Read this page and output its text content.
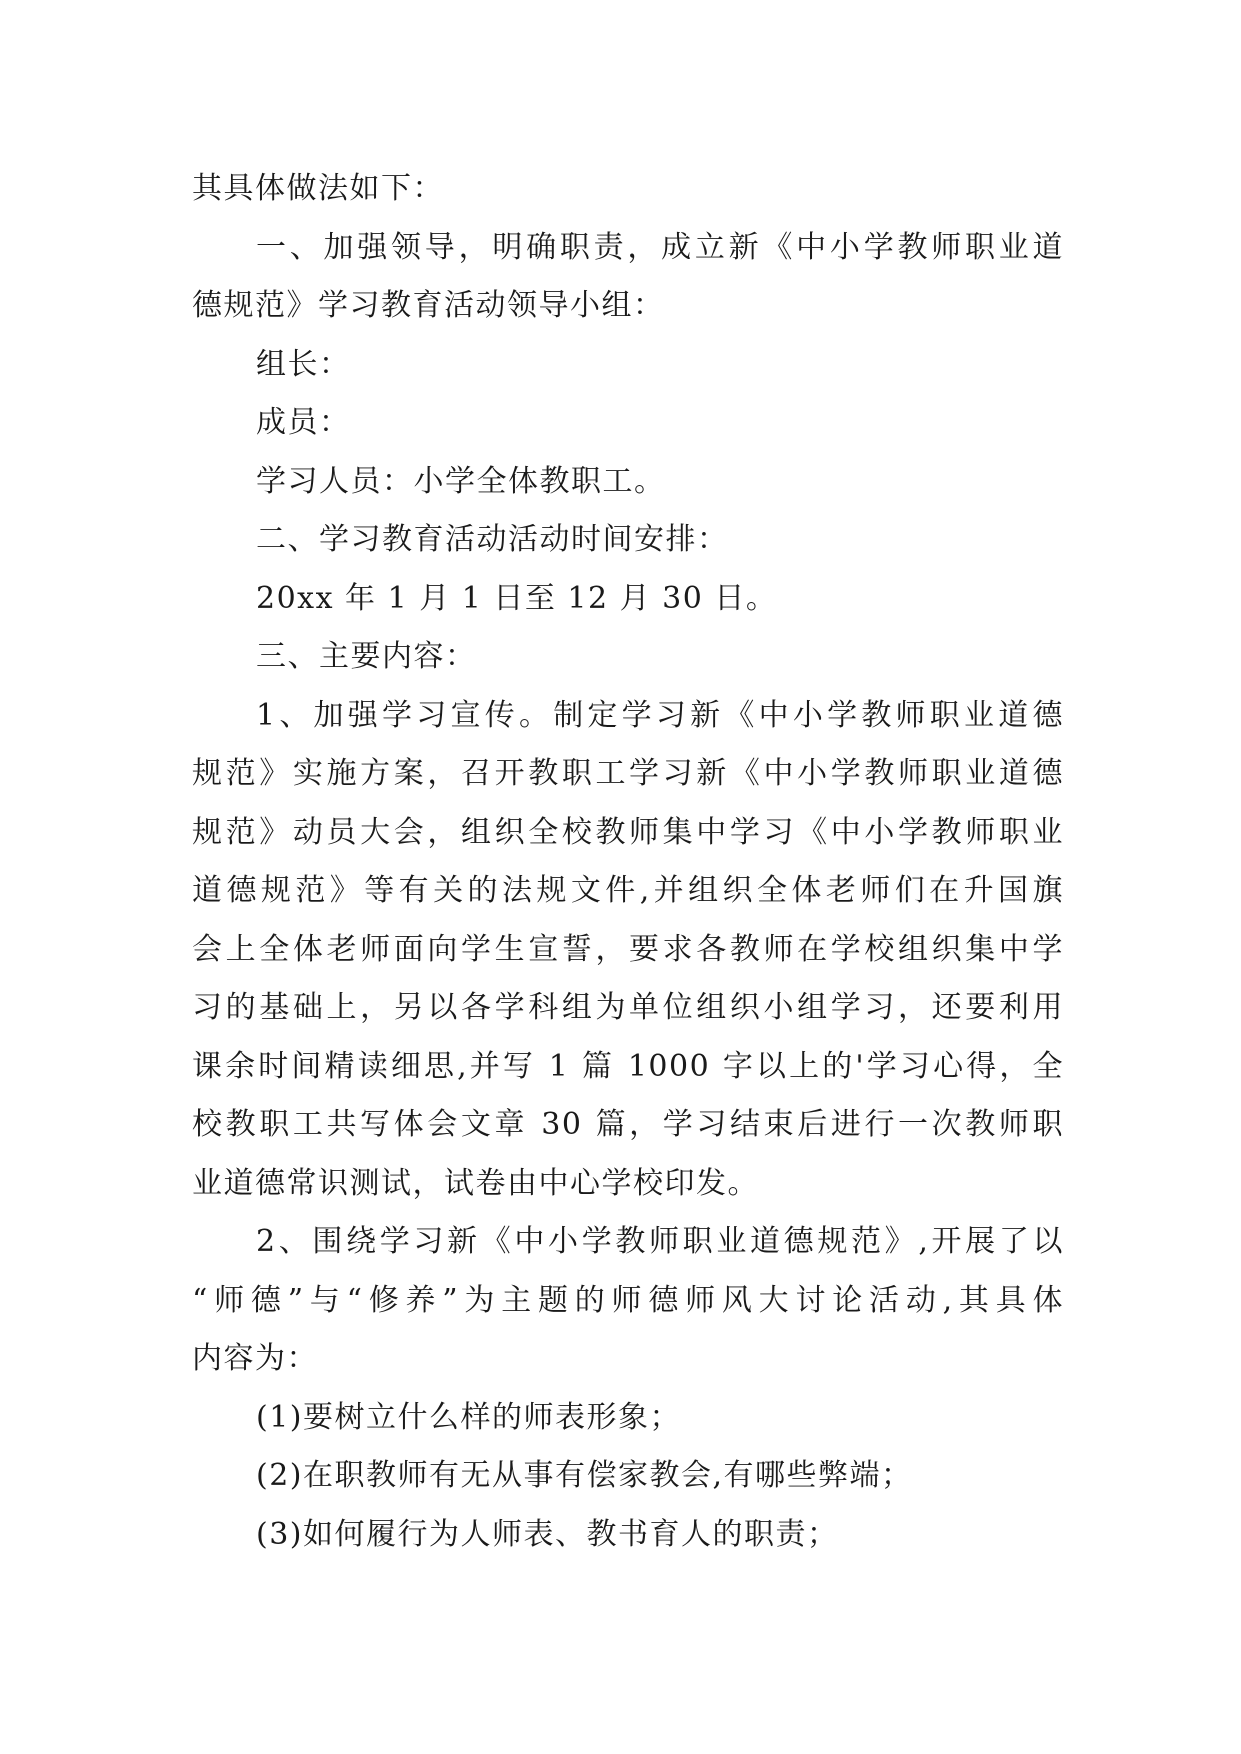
其具体做法如下：
一、加强领导，明确职责，成立新《中小学教师职业道
德规范》学习教育活动领导小组：
组长：
成员：
学习人员：小学全体教职工。
二、学习教育活动活动时间安排：
20xx 年 1 月 1 日至 12 月 30 日。
三、主要内容：
1、加强学习宣传。制定学习新《中小学教师职业道德
规范》实施方案，召开教职工学习新《中小学教师职业道德
规范》动员大会，组织全校教师集中学习《中小学教师职业
道德规范》等有关的法规文件,并组织全体老师们在升国旗
会上全体老师面向学生宣誓，要求各教师在学校组织集中学
习的基础上，另以各学科组为单位组织小组学习，还要利用
课余时间精读细思,并写 1 篇 1000 字以上的'学习心得，全
校教职工共写体会文章 30 篇，学习结束后进行一次教师职
业道德常识测试，试卷由中心学校印发。
2、围绕学习新《中小学教师职业道德规范》,开展了以
“师德”与“修养”为主题的师德师风大讨论活动,其具体
内容为：
(1)要树立什么样的师表形象；
(2)在职教师有无从事有偿家教会,有哪些弊端；
(3)如何履行为人师表、教书育人的职责；
